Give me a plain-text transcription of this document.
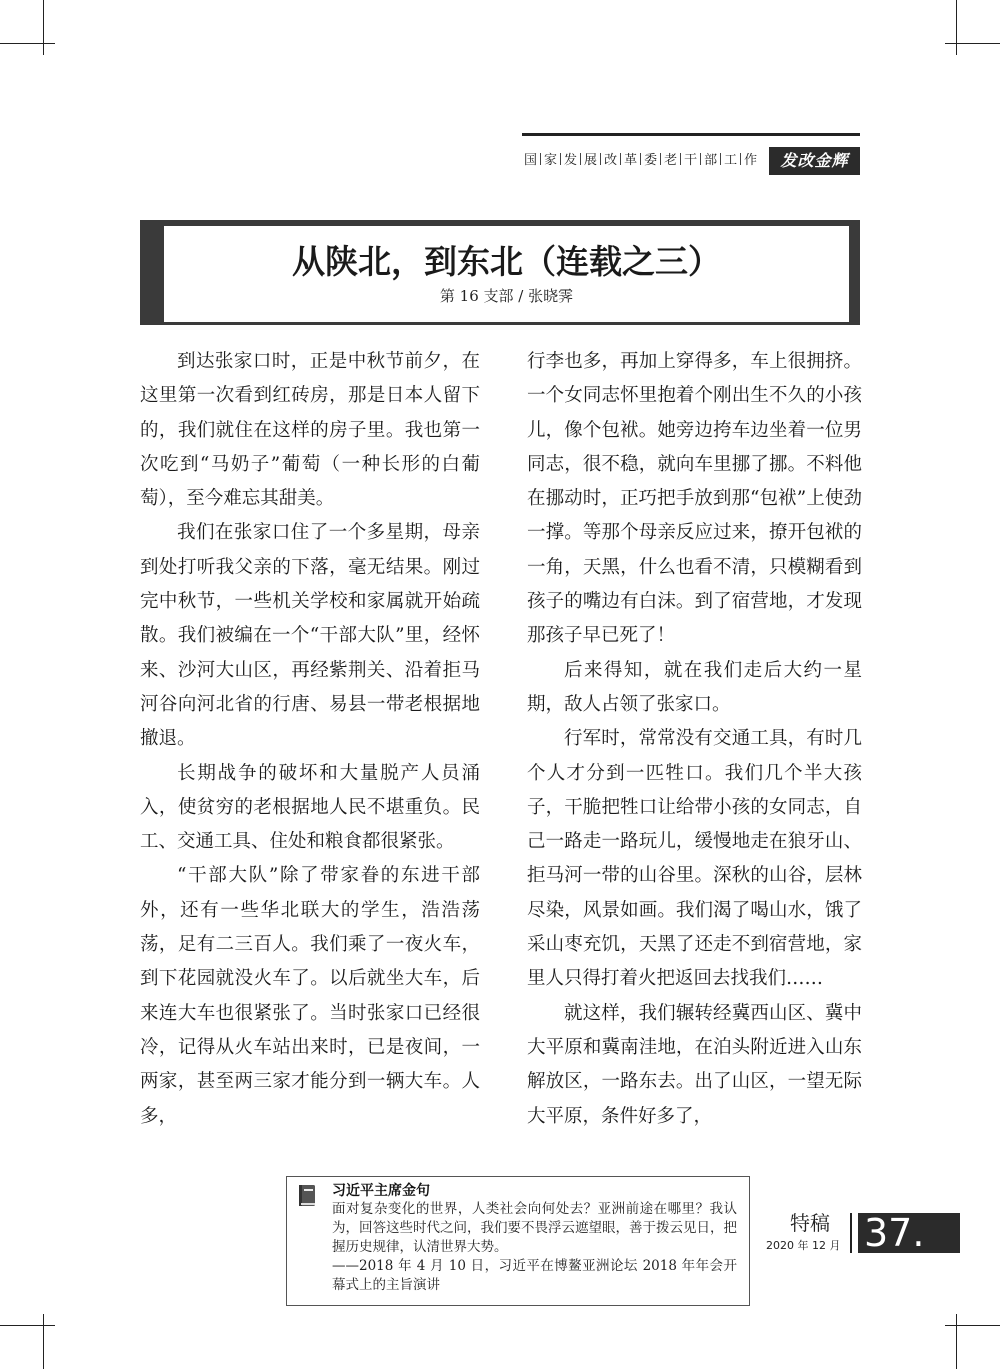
国 家 发 展 改 革 委 老 干 部 工 作	发改金辉
从陕北，到东北（连载之三）
第 16 支部 / 张晓霁

到达张家口时，正是中秋节前夕，在这里第一次看到红砖房，那是日本人留下的，我们就住在这样的房子里。我也第一次吃到“马奶子”葡萄（一种长形的白葡萄），至今难忘其甜美。

我们在张家口住了一个多星期，母亲到处打听我父亲的下落，毫无结果。刚过完中秋节，一些机关学校和家属就开始疏散。我们被编在一个“干部大队”里，经怀来、沙河大山区，再经紫荆关、沿着拒马河谷向河北省的行唐、易县一带老根据地撤退。

长期战争的破坏和大量脱产人员涌入，使贫穷的老根据地人民不堪重负。民工、交通工具、住处和粮食都很紧张。

“干部大队”除了带家眷的东进干部外，还有一些华北联大的学生，浩浩荡荡，足有二三百人。我们乘了一夜火车，到下花园就没火车了。以后就坐大车，后来连大车也很紧张了。当时张家口已经很冷，记得从火车站出来时，已是夜间，一两家，甚至两三家才能分到一辆大车。人多，

行李也多，再加上穿得多，车上很拥挤。一个女同志怀里抱着个刚出生不久的小孩儿，像个包袱。她旁边挎车边坐着一位男同志，很不稳，就向车里挪了挪。不料他在挪动时，正巧把手放到那“包袱”上使劲一撑。等那个母亲反应过来，撩开包袱的一角，天黑，什么也看不清，只模糊看到孩子的嘴边有白沫。到了宿营地，才发现那孩子早已死了！

后来得知，就在我们走后大约一星期，敌人占领了张家口。

行军时，常常没有交通工具，有时几个人才分到一匹牲口。我们几个半大孩子，干脆把牲口让给带小孩的女同志，自己一路走一路玩儿，缓慢地走在狼牙山、拒马河一带的山谷里。深秋的山谷，层林尽染，风景如画。我们渴了喝山水，饿了采山枣充饥，天黑了还走不到宿营地，家里人只得打着火把返回去找我们……

就这样，我们辗转经冀西山区、冀中大平原和冀南洼地，在泊头附近进入山东解放区，一路东去。出了山区，一望无际大平原，条件好多了，

习近平主席金句

面对复杂变化的世界，人类社会向何处去？亚洲前途在哪里？我认为，回答这些时代之问，我们要不畏浮云遮望眼，善于拨云见日，把握历史规律，认清世界大势。

——2018 年 4 月 10 日，习近平在博鳌亚洲论坛 2018 年年会开幕式上的主旨演讲

特稿
2020 年 12 月 37.
